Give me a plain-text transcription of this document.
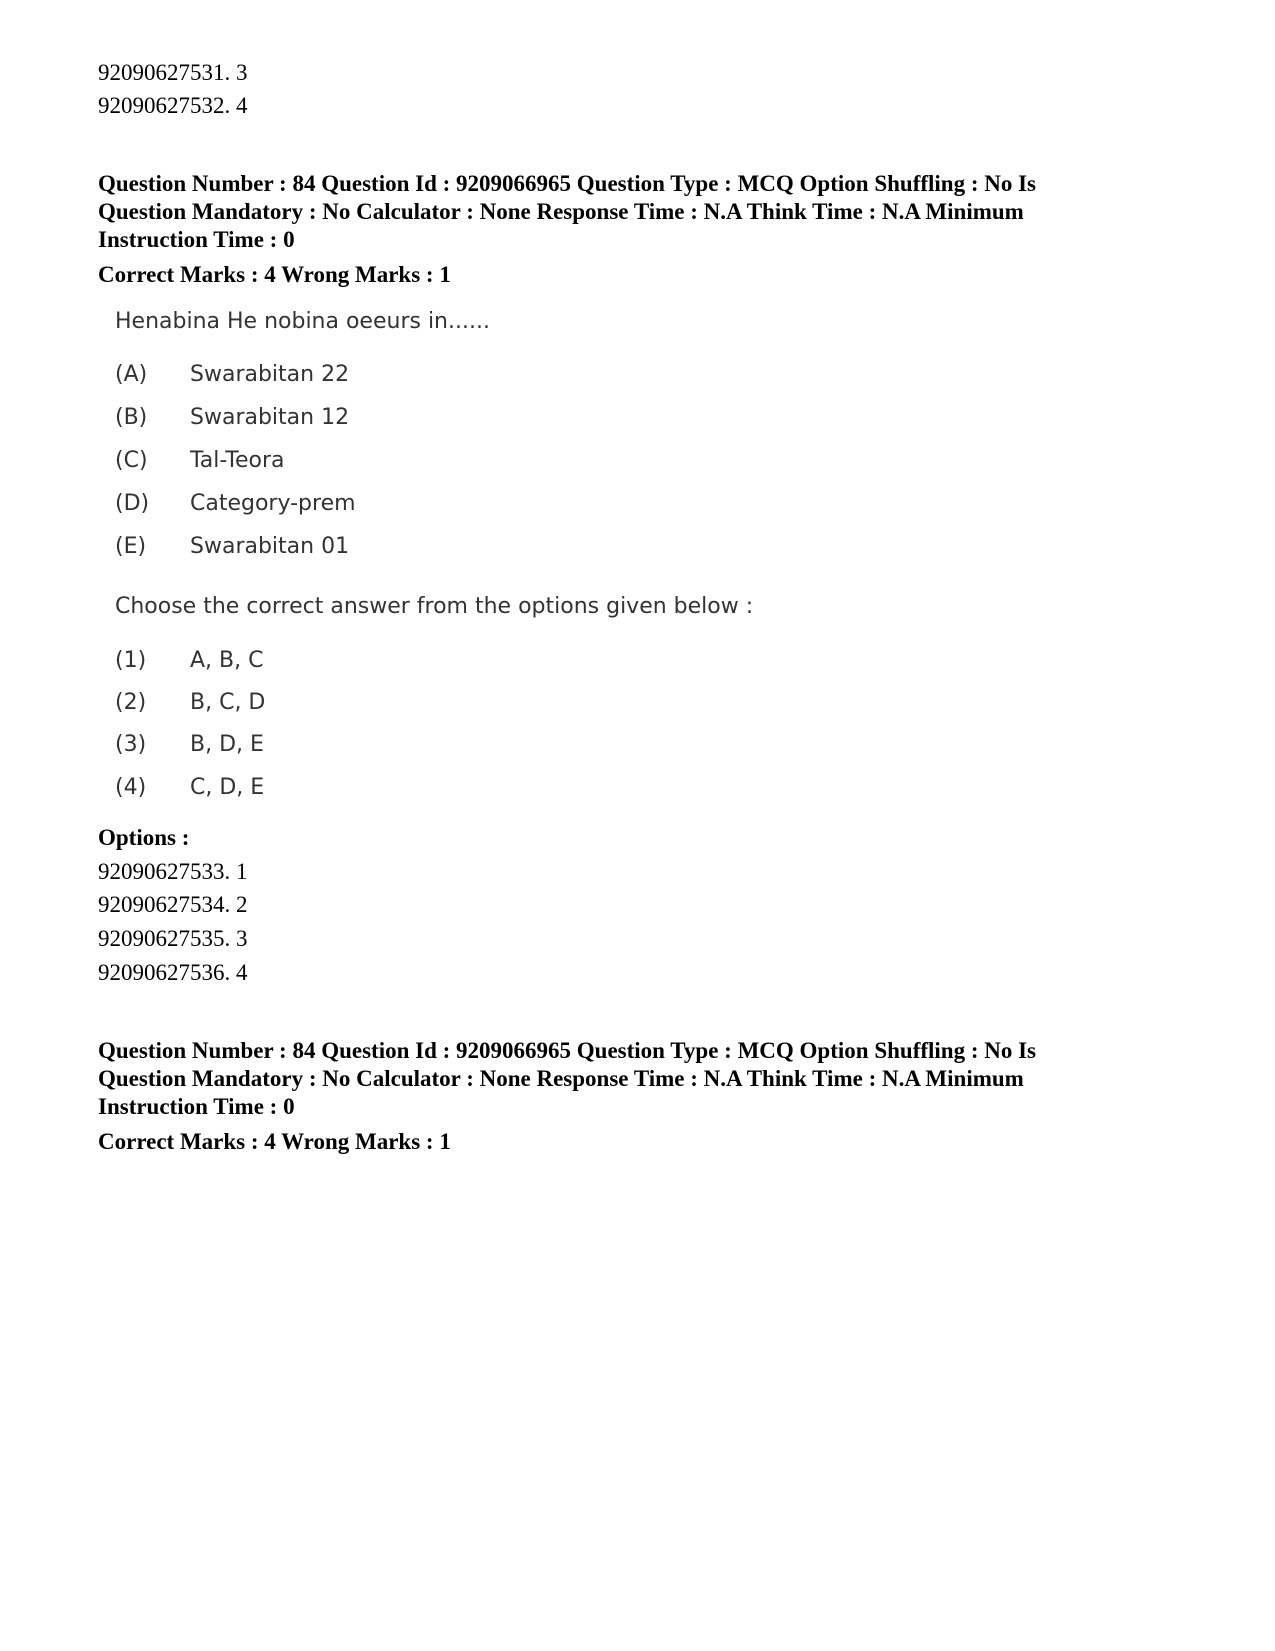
92090627531. 3
92090627532. 4
Question Number : 84 Question Id : 9209066965 Question Type : MCQ Option Shuffling : No Is
Question Mandatory : No Calculator : None Response Time : N.A Think Time : N.A Minimum
Instruction Time : 0
Correct Marks : 4 Wrong Marks : 1
Henabina He nobina oeeurs in......
(A) Swarabitan 22
(B) Swarabitan 12
(C) Tal-Teora
(D) Category-prem
(E) Swarabitan 01
Choose the correct answer from the options given below :
(1) A, B, C
(2) B, C, D
(3) B, D, E
(4) C, D, E
Options :
92090627533. 1
92090627534. 2
92090627535. 3
92090627536. 4
Question Number : 84 Question Id : 9209066965 Question Type : MCQ Option Shuffling : No Is
Question Mandatory : No Calculator : None Response Time : N.A Think Time : N.A Minimum
Instruction Time : 0
Correct Marks : 4 Wrong Marks : 1
